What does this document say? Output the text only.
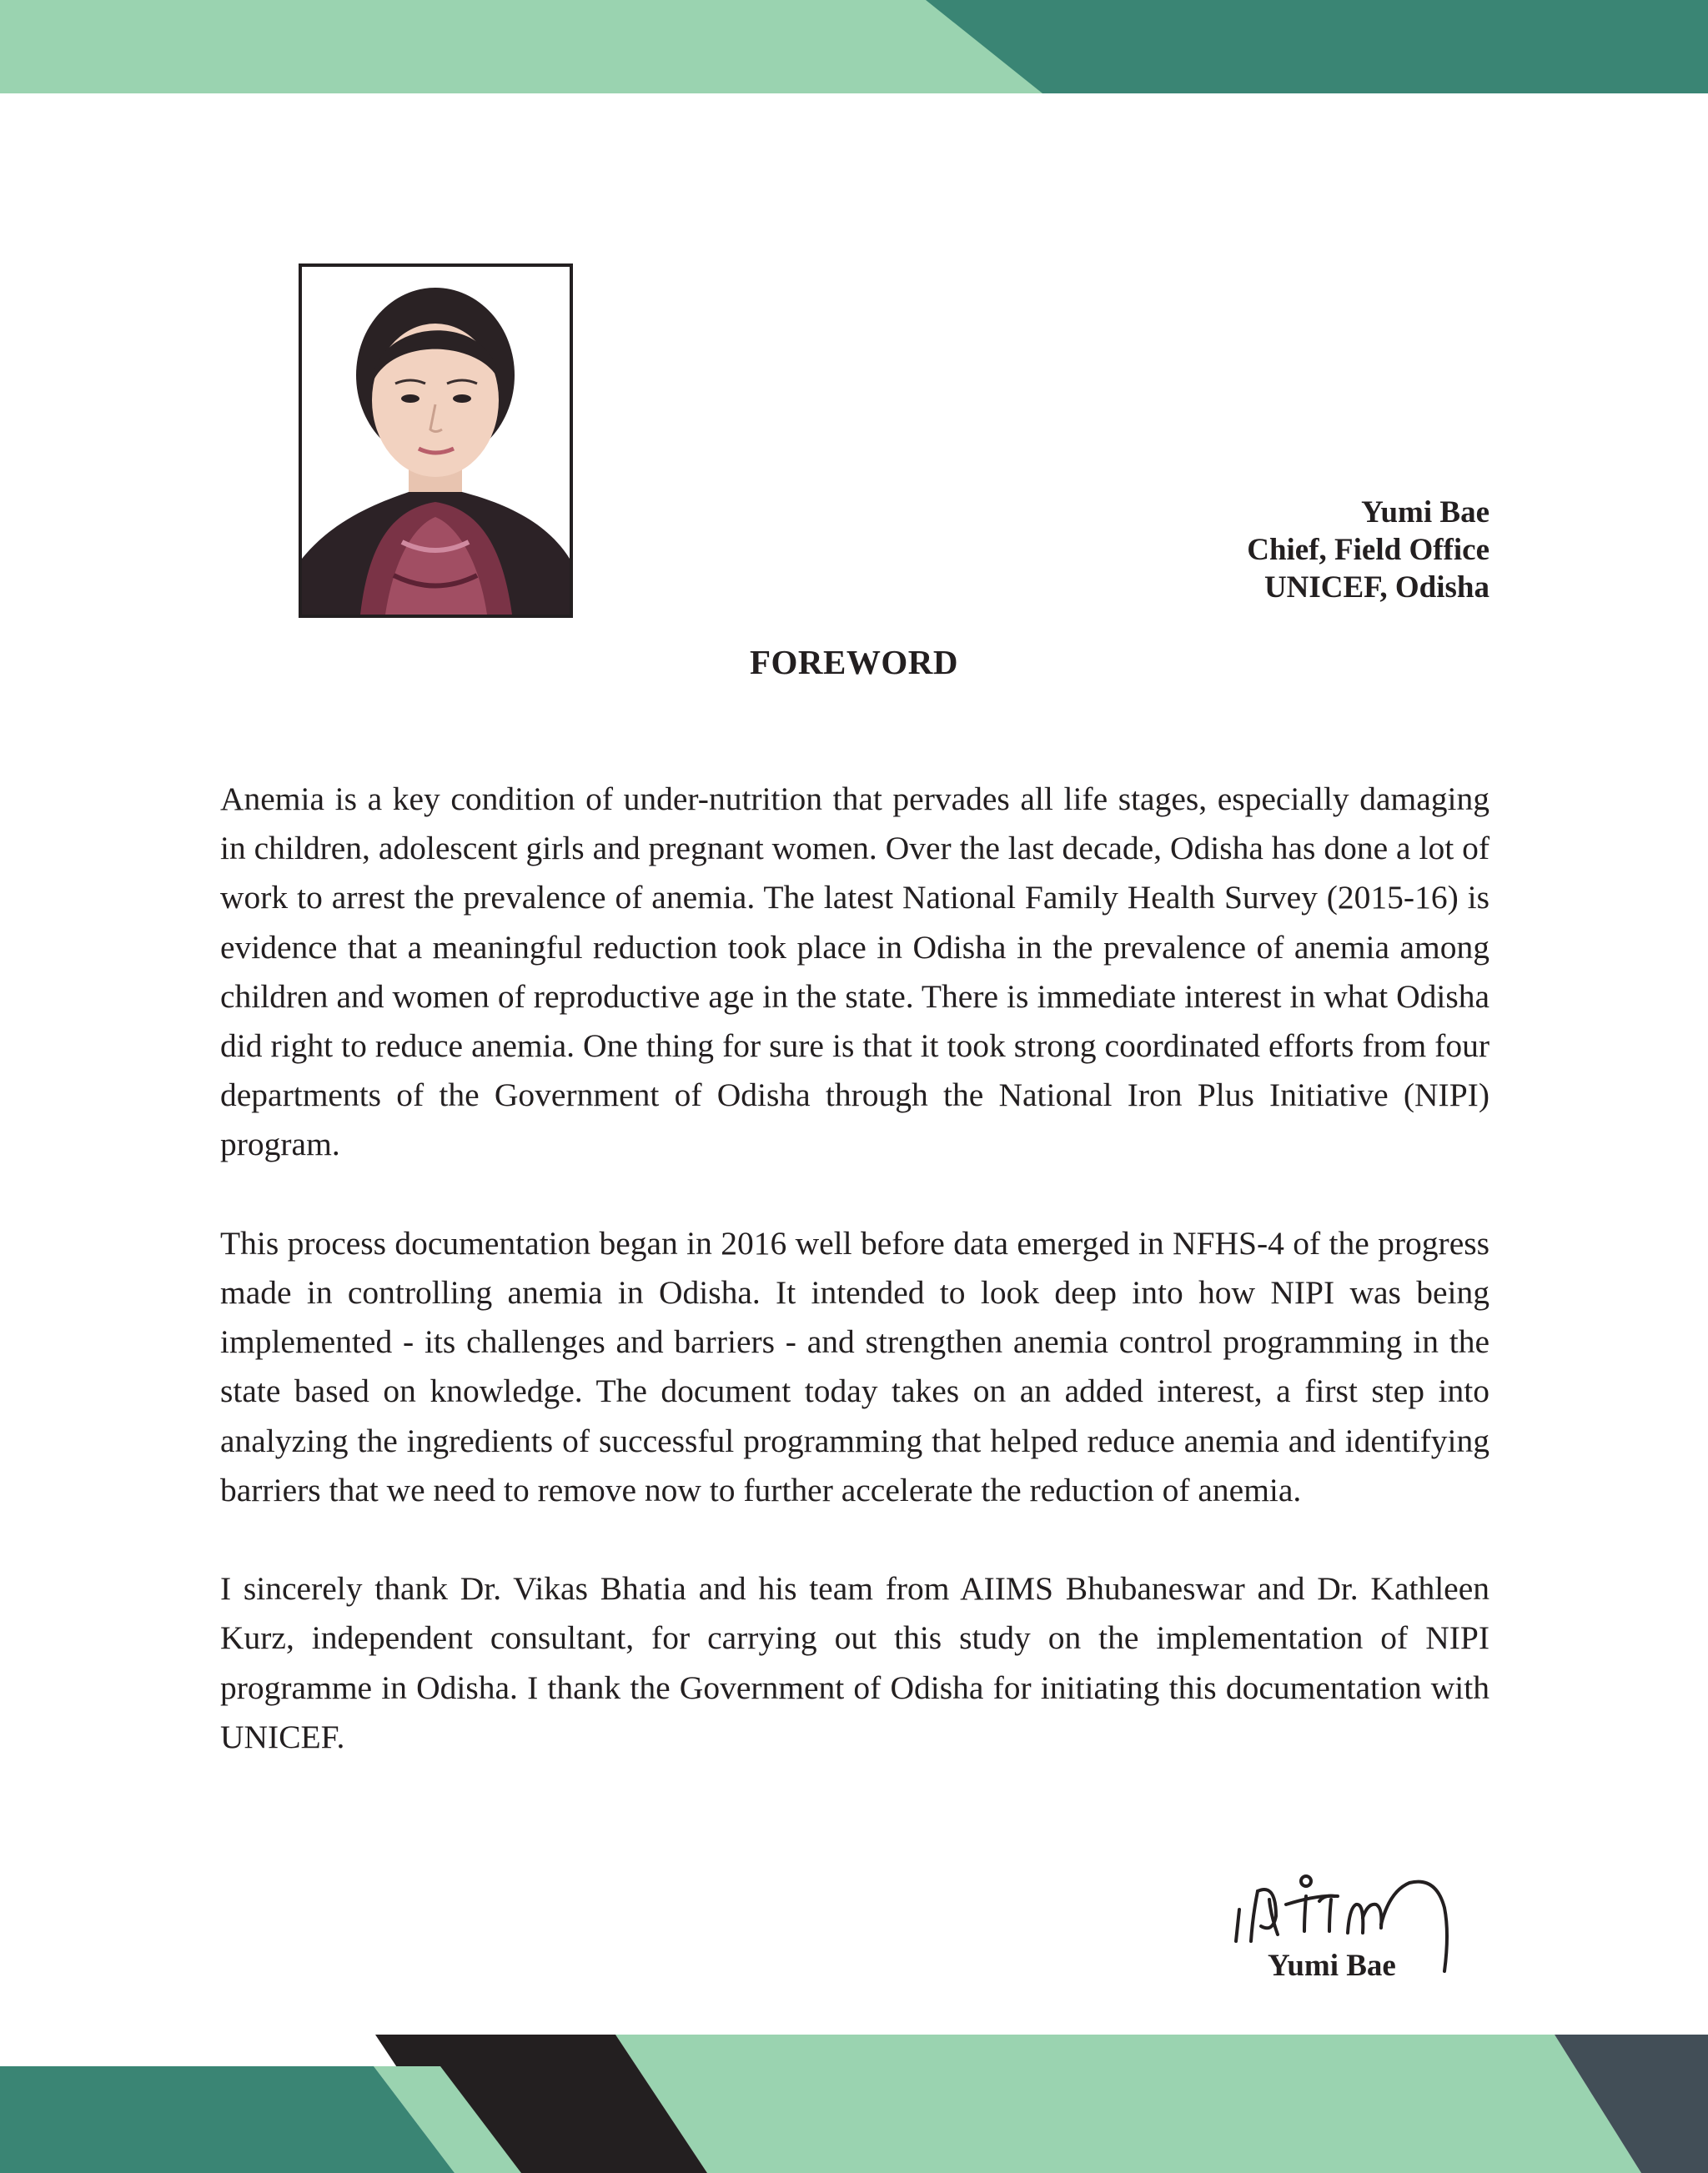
Yumi Bae
Chief, Field Office
UNICEF, Odisha
FOREWORD

Anemia is a key condition of under-nutrition that pervades all life stages, especially damaging in children, adolescent girls and pregnant women. Over the last decade, Odisha has done a lot of work to arrest the prevalence of anemia. The latest National Family Health Survey (2015-16) is evidence that a meaningful reduction took place in Odisha in the prevalence of anemia among children and women of reproductive age in the state. There is immediate interest in what Odisha did right to reduce anemia. One thing for sure is that it took strong coordinated efforts from four departments of the Government of Odisha through the National Iron Plus Initiative (NIPI) program.

This process documentation began in 2016 well before data emerged in NFHS-4 of the progress made in controlling anemia in Odisha. It intended to look deep into how NIPI was being implemented - its challenges and barriers - and strengthen anemia control programming in the state based on knowledge. The document today takes on an added interest, a first step into analyzing the ingredients of successful programming that helped reduce anemia and identifying barriers that we need to remove now to further accelerate the reduction of anemia.

I sincerely thank Dr. Vikas Bhatia and his team from AIIMS Bhubaneswar and Dr. Kathleen Kurz, independent consultant, for carrying out this study on the implementation of NIPI programme in Odisha. I thank the Government of Odisha for initiating this documentation with UNICEF.

Yumi Bae
